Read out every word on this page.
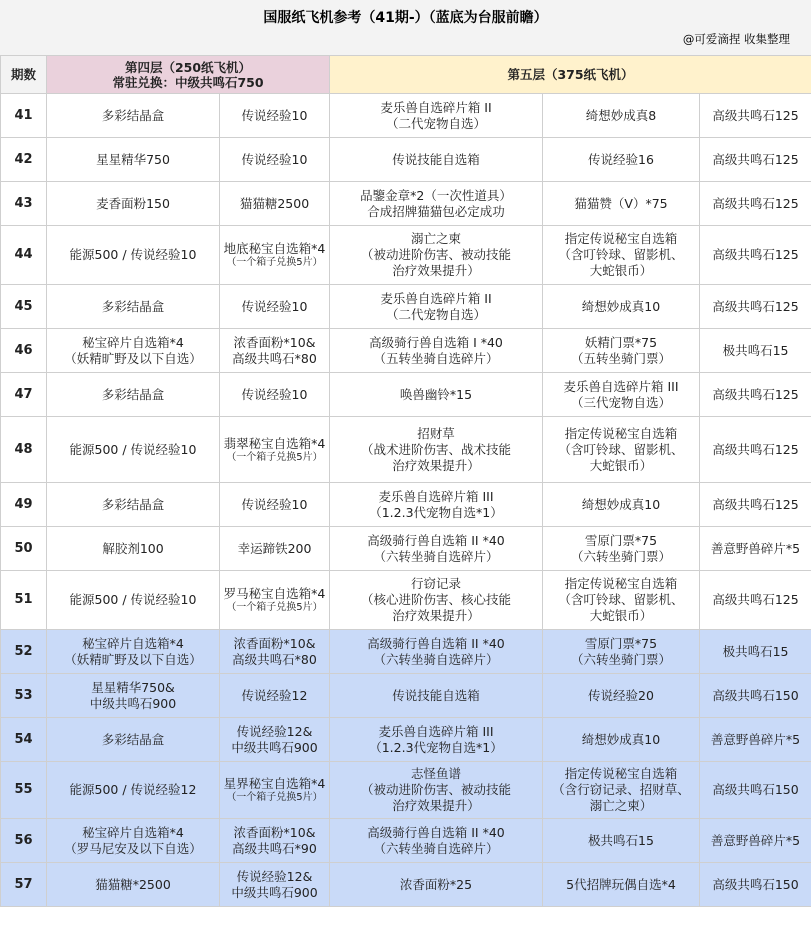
国服纸飞机参考（41期-）（蓝底为台服前瞻）
@可爱滴捏 收集整理
期数	第四层（250纸飞机）
常驻兑换：中级共鸣石750		第五层（375纸飞机）		
41	多彩结晶盒	传说经验10	麦乐兽自选碎片箱 II
（二代宠物自选）	绮想妙成真8	高级共鸣石125

42	星星精华750	传说经验10	传说技能自选箱	传说经验16	高级共鸣石125

43	麦香面粉150	猫猫糖2500	品鑒金章*2（一次性道具）
合成招牌猫猫包必定成功	猫猫赞（V）*75	高级共鸣石125

44	能源500 / 传说经验10	地底秘宝自选箱*4
（一个箱子兑换5片）	溺亡之柬
（被动进阶伤害、被动技能
治疗效果提升）	指定传说秘宝自选箱
（含叮铃球、留影机、
大蛇银币）	高级共鸣石125

45	多彩结晶盒	传说经验10	麦乐兽自选碎片箱 II
（二代宠物自选）	绮想妙成真10	高级共鸣石125

46	秘宝碎片自选箱*4
（妖精旷野及以下自选）	浓香面粉*10&
高级共鸣石*80	高级骑行兽自选箱 I *40
（五转坐骑自选碎片）	妖精门票*75
（五转坐骑门票）	极共鸣石15

47	多彩结晶盒	传说经验10	唤兽幽铃*15	麦乐兽自选碎片箱 III
（三代宠物自选）	高级共鸣石125

48	能源500 / 传说经验10	翡翠秘宝自选箱*4
（一个箱子兑换5片）	招财草
（战术进阶伤害、战术技能
治疗效果提升）	指定传说秘宝自选箱
（含叮铃球、留影机、
大蛇银币）	高级共鸣石125

49	多彩结晶盒	传说经验10	麦乐兽自选碎片箱 III
（1.2.3代宠物自选*1）	绮想妙成真10	高级共鸣石125

50	解胶剂100	幸运蹄铁200	高级骑行兽自选箱 II *40
（六转坐骑自选碎片）	雪原门票*75
（六转坐骑门票）	善意野兽碎片*5

51	能源500 / 传说经验10	罗马秘宝自选箱*4
（一个箱子兑换5片）	行窃记录
（核心进阶伤害、核心技能
治疗效果提升）	指定传说秘宝自选箱
（含叮铃球、留影机、
大蛇银币）	高级共鸣石125

52	秘宝碎片自选箱*4
（妖精旷野及以下自选）	浓香面粉*10&
高级共鸣石*80	高级骑行兽自选箱 II *40
（六转坐骑自选碎片）	雪原门票*75
（六转坐骑门票）	极共鸣石15

53	星星精华750&
中级共鸣石900	传说经验12	传说技能自选箱	传说经验20	高级共鸣石150

54	多彩结晶盒	传说经验12&
中级共鸣石900	麦乐兽自选碎片箱 III
（1.2.3代宠物自选*1）	绮想妙成真10	善意野兽碎片*5

55	能源500 / 传说经验12	星界秘宝自选箱*4
（一个箱子兑换5片）	志怪鱼谱
（被动进阶伤害、被动技能
治疗效果提升）	指定传说秘宝自选箱
（含行窃记录、招财草、
溺亡之柬）	高级共鸣石150

56	秘宝碎片自选箱*4
（罗马尼安及以下自选）	浓香面粉*10&
高级共鸣石*90	高级骑行兽自选箱 II *40
（六转坐骑自选碎片）	极共鸣石15	善意野兽碎片*5

57	猫猫糖*2500	传说经验12&
中级共鸣石900	浓香面粉*25	5代招牌玩偶自选*4	高级共鸣石150
